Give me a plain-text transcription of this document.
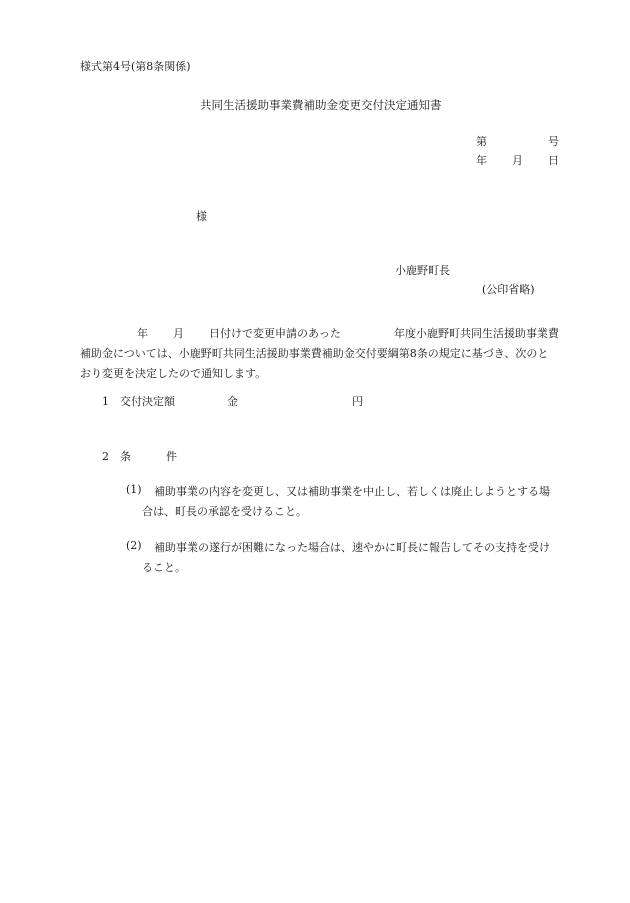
様式第4号(第8条関係)
共同生活援助事業費補助金変更交付決定通知書
第	号
年 月 日
様
小鹿野町長
(公印省略)
年 月 日付けで変更申請のあった	年度小鹿野町共同生活援助事業費
補助金については、小鹿野町共同生活援助事業費補助金交付要綱第8条の規定に基づき、次のと
おり変更を決定したので通知します。
1 交付決定額	金	円
2 条	件
(1) 補助事業の内容を変更し、又は補助事業を中止し、若しくは廃止しようとする場
合は、町長の承認を受けること。
(2) 補助事業の遂行が困難になった場合は、速やかに町長に報告してその支持を受け
ること。
